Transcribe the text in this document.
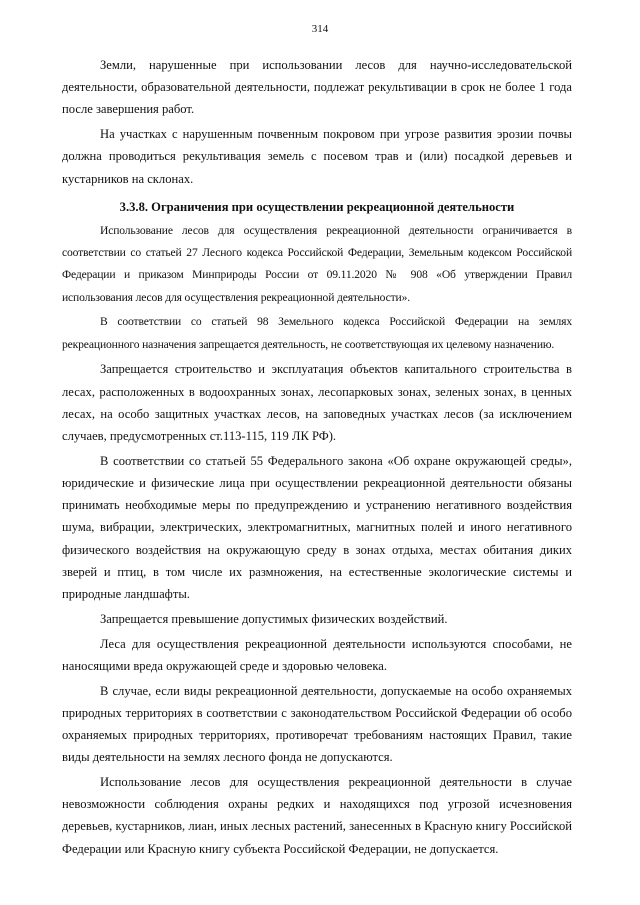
314

Земли, нарушенные при использовании лесов для научно-исследовательской деятельности, образовательной деятельности, подлежат рекультивации в срок не более 1 года после завершения работ.

На участках с нарушенным почвенным покровом при угрозе развития эрозии почвы должна проводиться рекультивация земель с посевом трав и (или) посадкой деревьев и кустарников на склонах.

3.3.8. Ограничения при осуществлении рекреационной деятельности

Использование лесов для осуществления рекреационной деятельности ограничивается в соответствии со статьей 27 Лесного кодекса Российской Федерации, Земельным кодексом Российской Федерации и приказом Минприроды России от 09.11.2020 № 908 «Об утверждении Правил использования лесов для осуществления рекреационной деятельности».

В соответствии со статьей 98 Земельного кодекса Российской Федерации на землях рекреационного назначения запрещается деятельность, не соответствующая их целевому назначению.

Запрещается строительство и эксплуатация объектов капитального строительства в лесах, расположенных в водоохранных зонах, лесопарковых зонах, зеленых зонах, в ценных лесах, на особо защитных участках лесов, на заповедных участках лесов (за исключением случаев, предусмотренных ст.113-115, 119 ЛК РФ).

В соответствии со статьей 55 Федерального закона «Об охране окружающей среды», юридические и физические лица при осуществлении рекреационной деятельности обязаны принимать необходимые меры по предупреждению и устранению негативного воздействия шума, вибрации, электрических, электромагнитных, магнитных полей и иного негативного физического воздействия на окружающую среду в зонах отдыха, местах обитания диких зверей и птиц, в том числе их размножения, на естественные экологические системы и природные ландшафты.

Запрещается превышение допустимых физических воздействий.

Леса для осуществления рекреационной деятельности используются способами, не наносящими вреда окружающей среде и здоровью человека.

В случае, если виды рекреационной деятельности, допускаемые на особо охраняемых природных территориях в соответствии с законодательством Российской Федерации об особо охраняемых природных территориях, противоречат требованиям настоящих Правил, такие виды деятельности на землях лесного фонда не допускаются.

Использование лесов для осуществления рекреационной деятельности в случае невозможности соблюдения охраны редких и находящихся под угрозой исчезновения деревьев, кустарников, лиан, иных лесных растений, занесенных в Красную книгу Российской Федерации или Красную книгу субъекта Российской Федерации, не допускается.
